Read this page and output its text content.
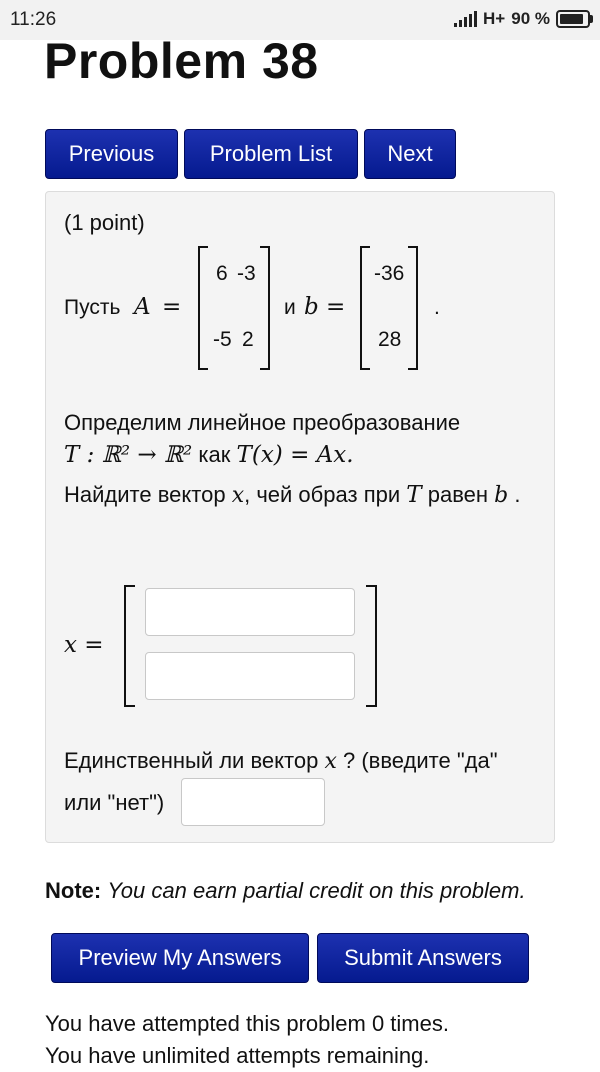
11:26	H+ 90 %
Problem 38
Previous	Problem List	Next
(1 point)
Пусть A =
6 -3
-5 2
и b =
-36
28
.
Определим линейное преобразование
T : ℝ² → ℝ² как T(x) = Ax.
Найдите вектор x, чей образ при T равен b .
x =
Единственный ли вектор x ? (введите "да"
или "нет")
Note: You can earn partial credit on this problem.
Preview My Answers	Submit Answers
You have attempted this problem 0 times.
You have unlimited attempts remaining.
